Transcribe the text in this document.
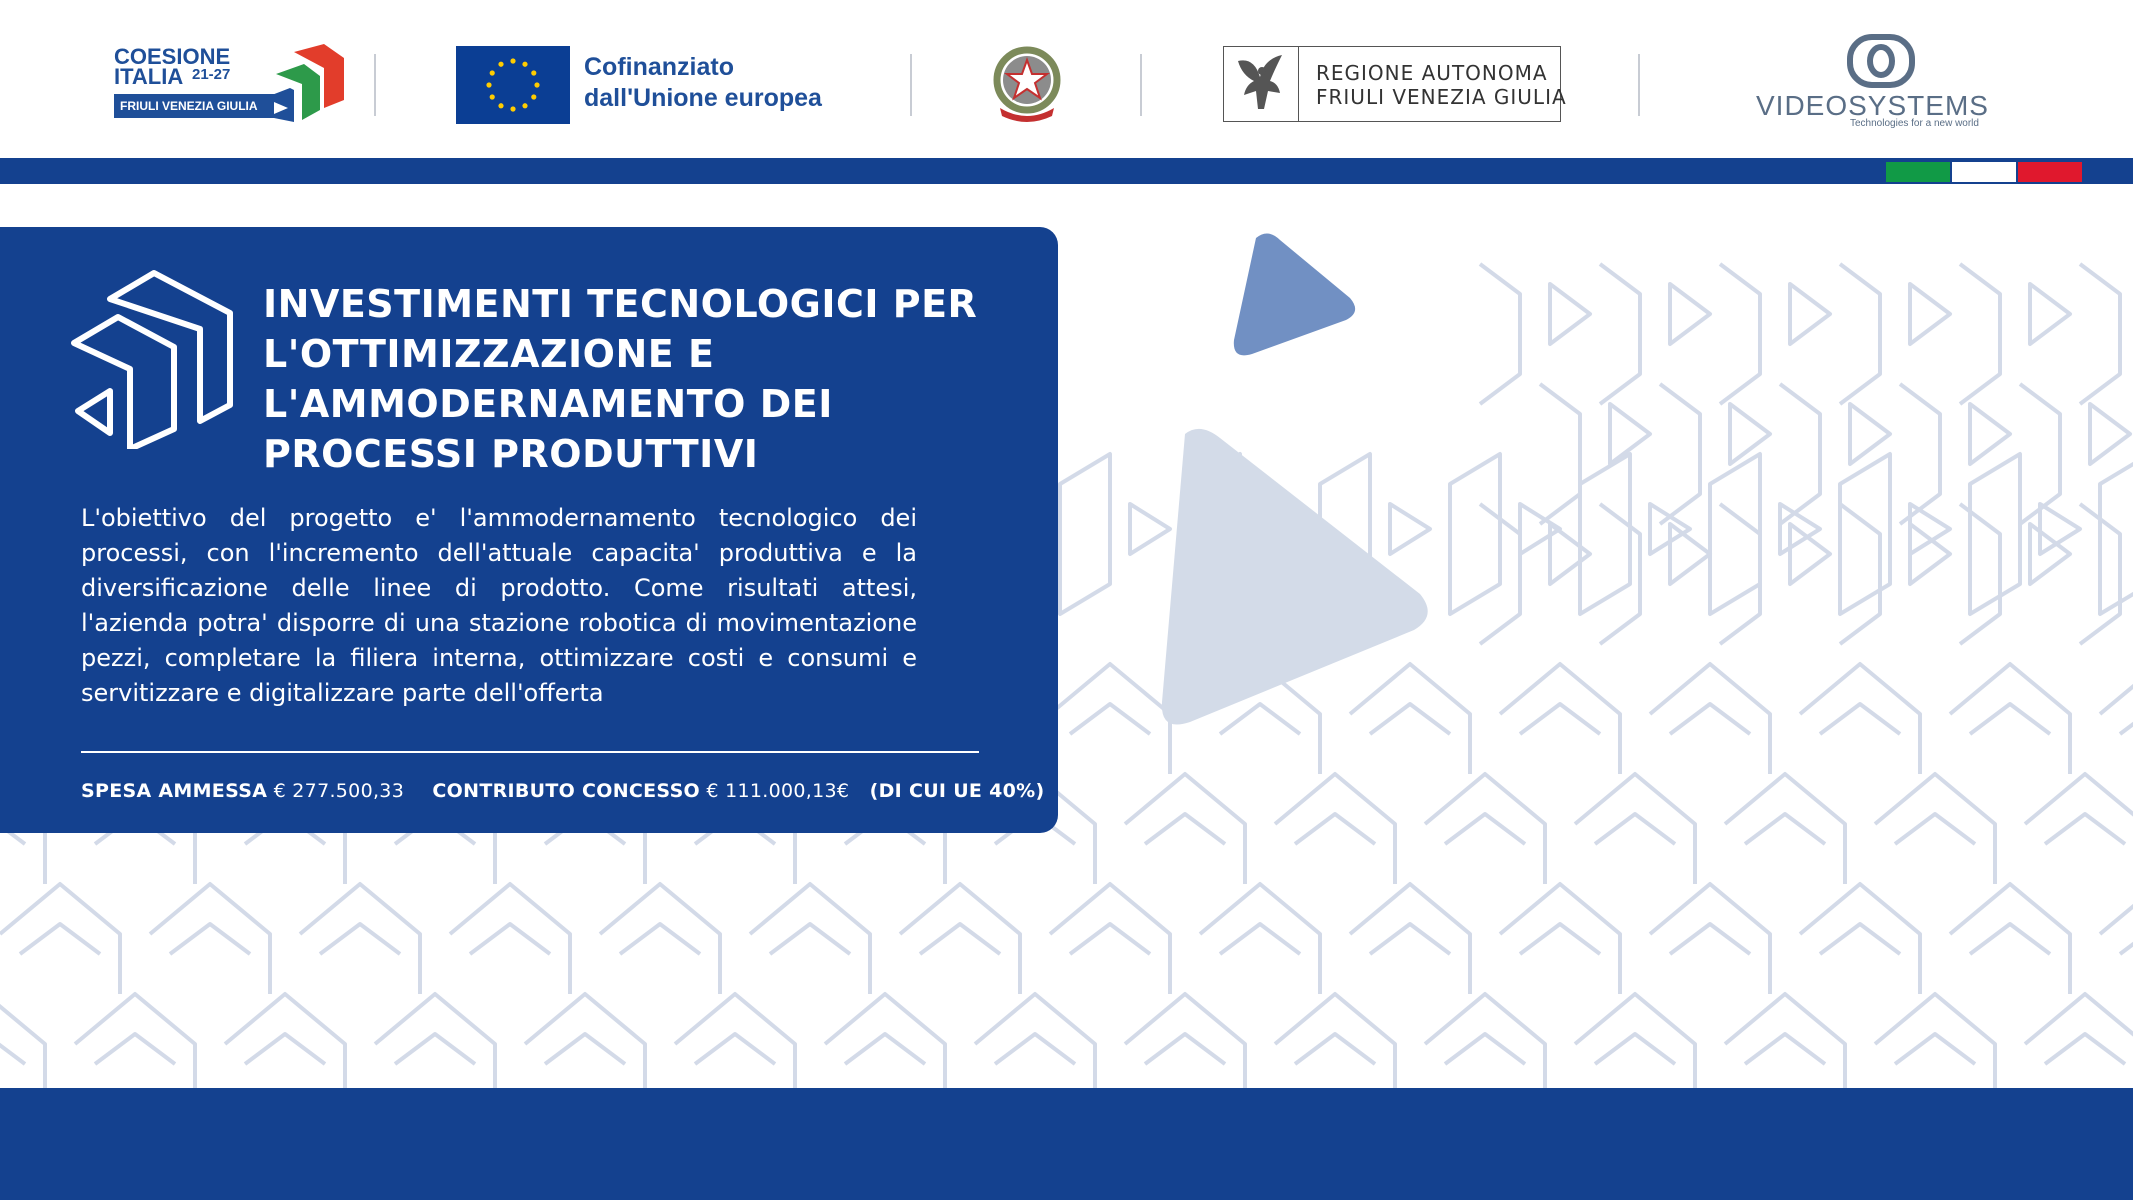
COESIONE
ITALIA 21-27
FRIULI VENEZIA GIULIA
Cofinanziato
dall'Unione europea
REGIONE AUTONOMA
FRIULI VENEZIA GIULIA	VIDEOSYSTEMS
Technologies for a new world
INVESTIMENTI TECNOLOGICI PER
L'OTTIMIZZAZIONE E
L'AMMODERNAMENTO DEI
PROCESSI PRODUTTIVI

L'obiettivo del progetto e' l'ammodernamento tecnologico dei processi, con l'incremento dell'attuale capacita' produttiva e la diversificazione delle linee di prodotto. Come risultati attesi, l'azienda potra' disporre di una stazione robotica di movimentazione pezzi, completare la filiera interna, ottimizzare costi e consumi e servitizzare e digitalizzare parte dell'offerta

SPESA AMMESSA € 277.500,33 CONTRIBUTO CONCESSO € 111.000,13€ (DI CUI UE 40%)
